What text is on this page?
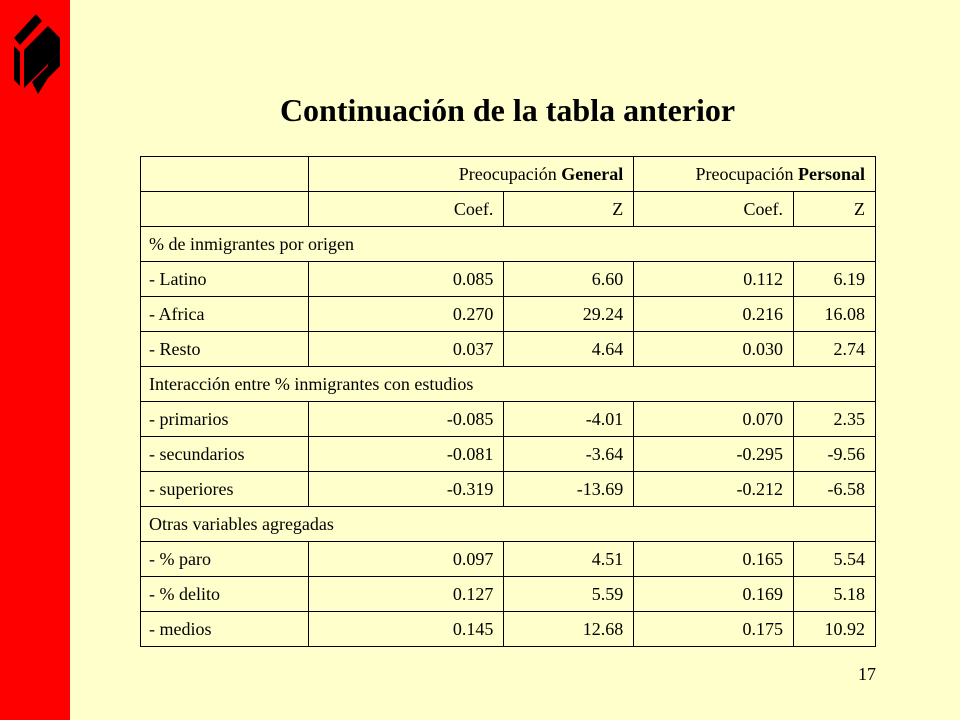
Continuación de la tabla anterior
	Preocupación General		Preocupación Personal	
	Coef.	Z	Coef.	Z
% de inmigrantes por origen				
- Latino	0.085	6.60	0.112	6.19
- Africa	0.270	29.24	0.216	16.08
- Resto	0.037	4.64	0.030	2.74
Interacción entre % inmigrantes con estudios				
- primarios	-0.085	-4.01	0.070	2.35
- secundarios	-0.081	-3.64	-0.295	-9.56
- superiores	-0.319	-13.69	-0.212	-6.58
Otras variables agregadas				
- % paro	0.097	4.51	0.165	5.54
- % delito	0.127	5.59	0.169	5.18
- medios	0.145	12.68	0.175	10.92
17
